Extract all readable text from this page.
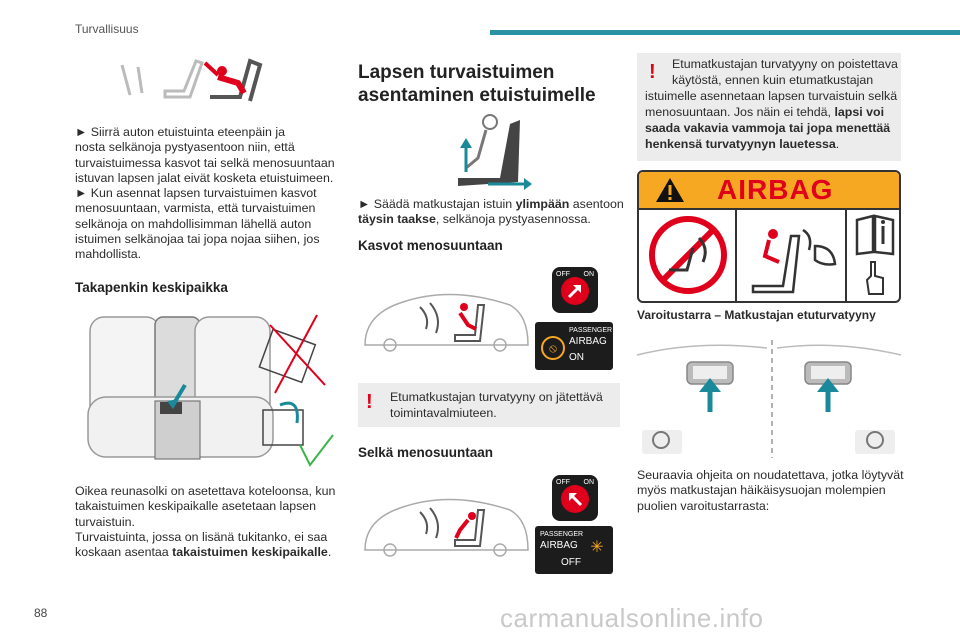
Turvallisuus

► Siirrä auton etuistuinta eteenpäin ja

nosta selkänoja pystyasentoon niin, että

turvaistuimessa kasvot tai selkä menosuuntaan

istuvan lapsen jalat eivät kosketa etuistuimeen.

► Kun asennat lapsen turvaistuimen kasvot

menosuuntaan, varmista, että turvaistuimen

selkänoja on mahdollisimman lähellä auton

istuimen selkänojaa tai jopa nojaa siihen, jos

mahdollista.

Takapenkin keskipaikka

Oikea reunasolki on asetettava koteloonsa, kun

takaistuimen keskipaikalle asetetaan lapsen

turvaistuin.

Turvaistuinta, jossa on lisänä tukitanko, ei saa

koskaan asentaa takaistuimen keskipaikalle.

Lapsen turvaistuimen
asentaminen etuistuimelle

► Säädä matkustajan istuin ylimpään asentoon

täysin taakse, selkänoja pystyasennossa.

Kasvot menosuuntaan
OFF ON
PASSENGER
AIRBAG
ON
⦸
! Etumatkustajan turvatyyny on jätettävä
toimintavalmiuteen.
Selkä menosuuntaan
OFF ON
PASSENGER
AIRBAG
OFF
✳
! Etumatkustajan turvatyyny on poistettava
käytöstä, ennen kuin etumatkustajan
istuimelle asennetaan lapsen turvaistuin selkä
menosuuntaan. Jos näin ei tehdä, lapsi voi
saada vakavia vammoja tai jopa menettää
henkensä turvatyynyn lauetessa.
AIRBAG
Varoitustarra – Matkustajan etuturvatyyny

Seuraavia ohjeita on noudatettava, jotka löytyvät

myös matkustajan häikäisysuojan molempien

puolien varoitustarrasta:

88	carmanualsonline.info
